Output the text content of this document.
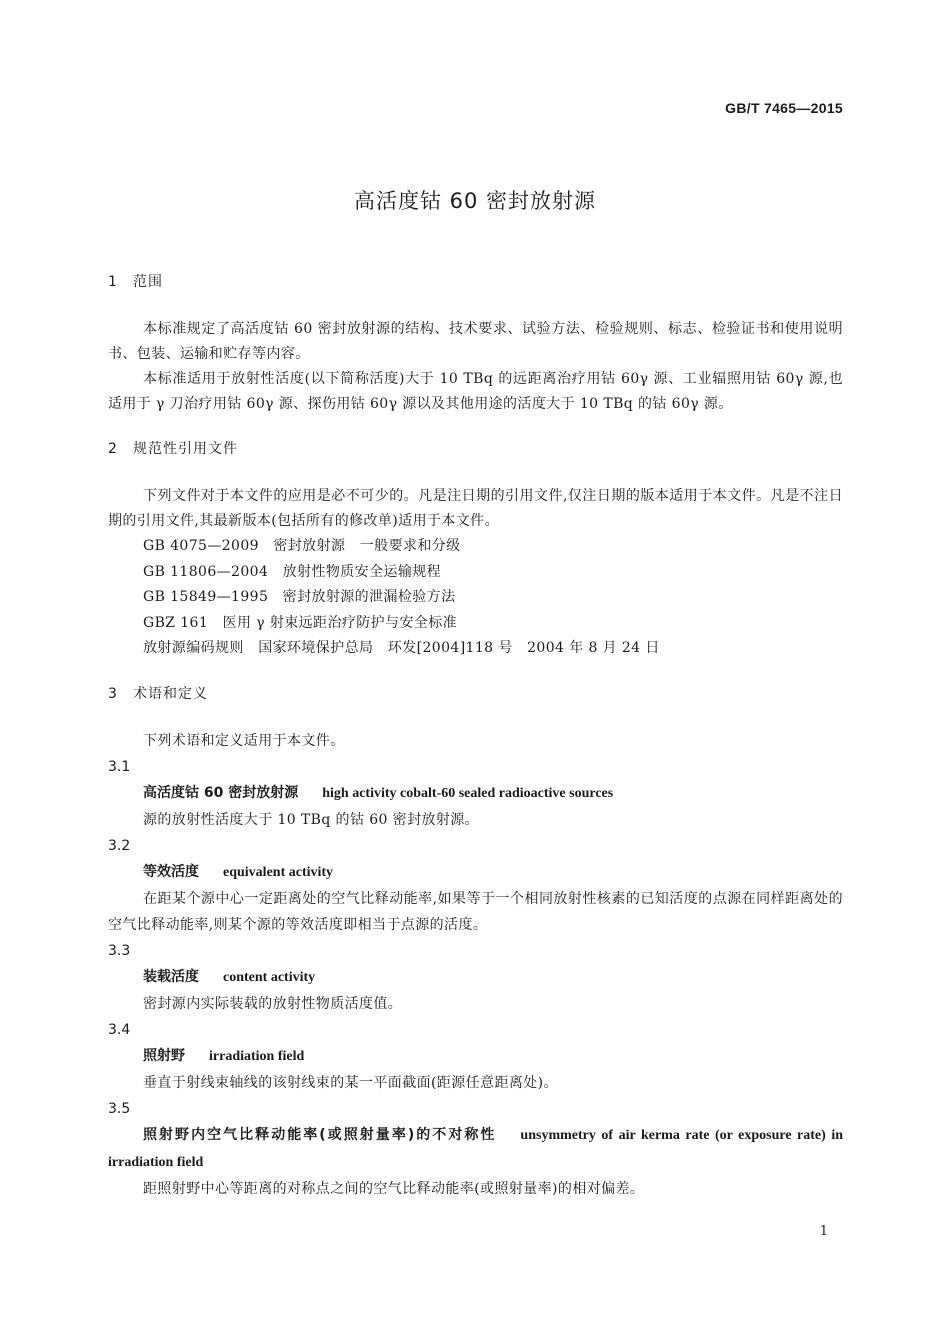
GB/T 7465—2015
高活度钴 60 密封放射源
1	范围

本标准规定了高活度钴 60 密封放射源的结构、技术要求、试验方法、检验规则、标志、检验证书和使用说明书、包装、运输和贮存等内容。

本标准适用于放射性活度(以下简称活度)大于 10 TBq 的远距离治疗用钴 60γ 源、工业辐照用钴 60γ 源,也适用于 γ 刀治疗用钴 60γ 源、探伤用钴 60γ 源以及其他用途的活度大于 10 TBq 的钴 60γ 源。

2	规范性引用文件

下列文件对于本文件的应用是必不可少的。凡是注日期的引用文件,仅注日期的版本适用于本文件。凡是不注日期的引用文件,其最新版本(包括所有的修改单)适用于本文件。

GB 4075—2009　密封放射源　一般要求和分级
GB 11806—2004　放射性物质安全运输规程
GB 15849—1995　密封放射源的泄漏检验方法
GBZ 161　医用 γ 射束远距治疗防护与安全标准
放射源编码规则　国家环境保护总局　环发[2004]118 号　2004 年 8 月 24 日
3	术语和定义

下列术语和定义适用于本文件。

3.1
高活度钴 60 密封放射源 high activity cobalt-60 sealed radioactive sources
源的放射性活度大于 10 TBq 的钴 60 密封放射源。
3.2
等效活度 equivalent activity
在距某个源中心一定距离处的空气比释动能率,如果等于一个相同放射性核素的已知活度的点源在同样距离处的空气比释动能率,则某个源的等效活度即相当于点源的活度。
3.3
装载活度 content activity
密封源内实际装载的放射性物质活度值。
3.4
照射野 irradiation field
垂直于射线束轴线的该射线束的某一平面截面(距源任意距离处)。
3.5
照射野内空气比释动能率(或照射量率)的不对称性 unsymmetry of air kerma rate (or exposure rate) in irradiation field
距照射野中心等距离的对称点之间的空气比释动能率(或照射量率)的相对偏差。
1
